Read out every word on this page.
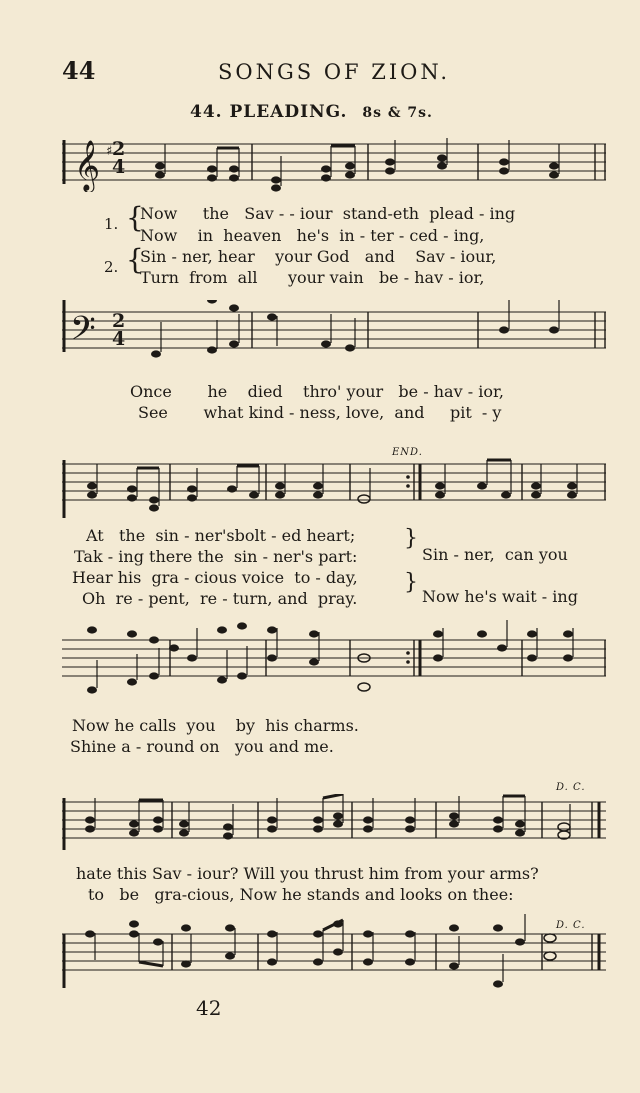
44	SONGS OF ZION.
44. PLEADING. 8s & 7s.
𝄞 ♯ 2
4
1.
2.
{
{
Now the Sav - - iour stand-eth plead - ing
Now in heaven he's in - ter - ced - ing,
Sin - ner, hear your God and Sav - iour,
Turn from all your vain be - hav - ior,
𝄢 2
4
Once he died thro' your be - hav - ior,
See what kind - ness, love, and pit - y
END.
At the sin - ner'sbolt - ed heart;
Tak - ing there the sin - ner's part:
Hear his gra - cious voice to - day,
Oh re - pent, re - turn, and pray.
}
}
Sin - ner, can you
Now he's wait - ing
Now he calls you by his charms.
Shine a - round on you and me.
D. C.
hate this Sav - iour? Will you thrust him from your arms?
to be gra-cious, Now he stands and looks on thee:
D. C.
42
